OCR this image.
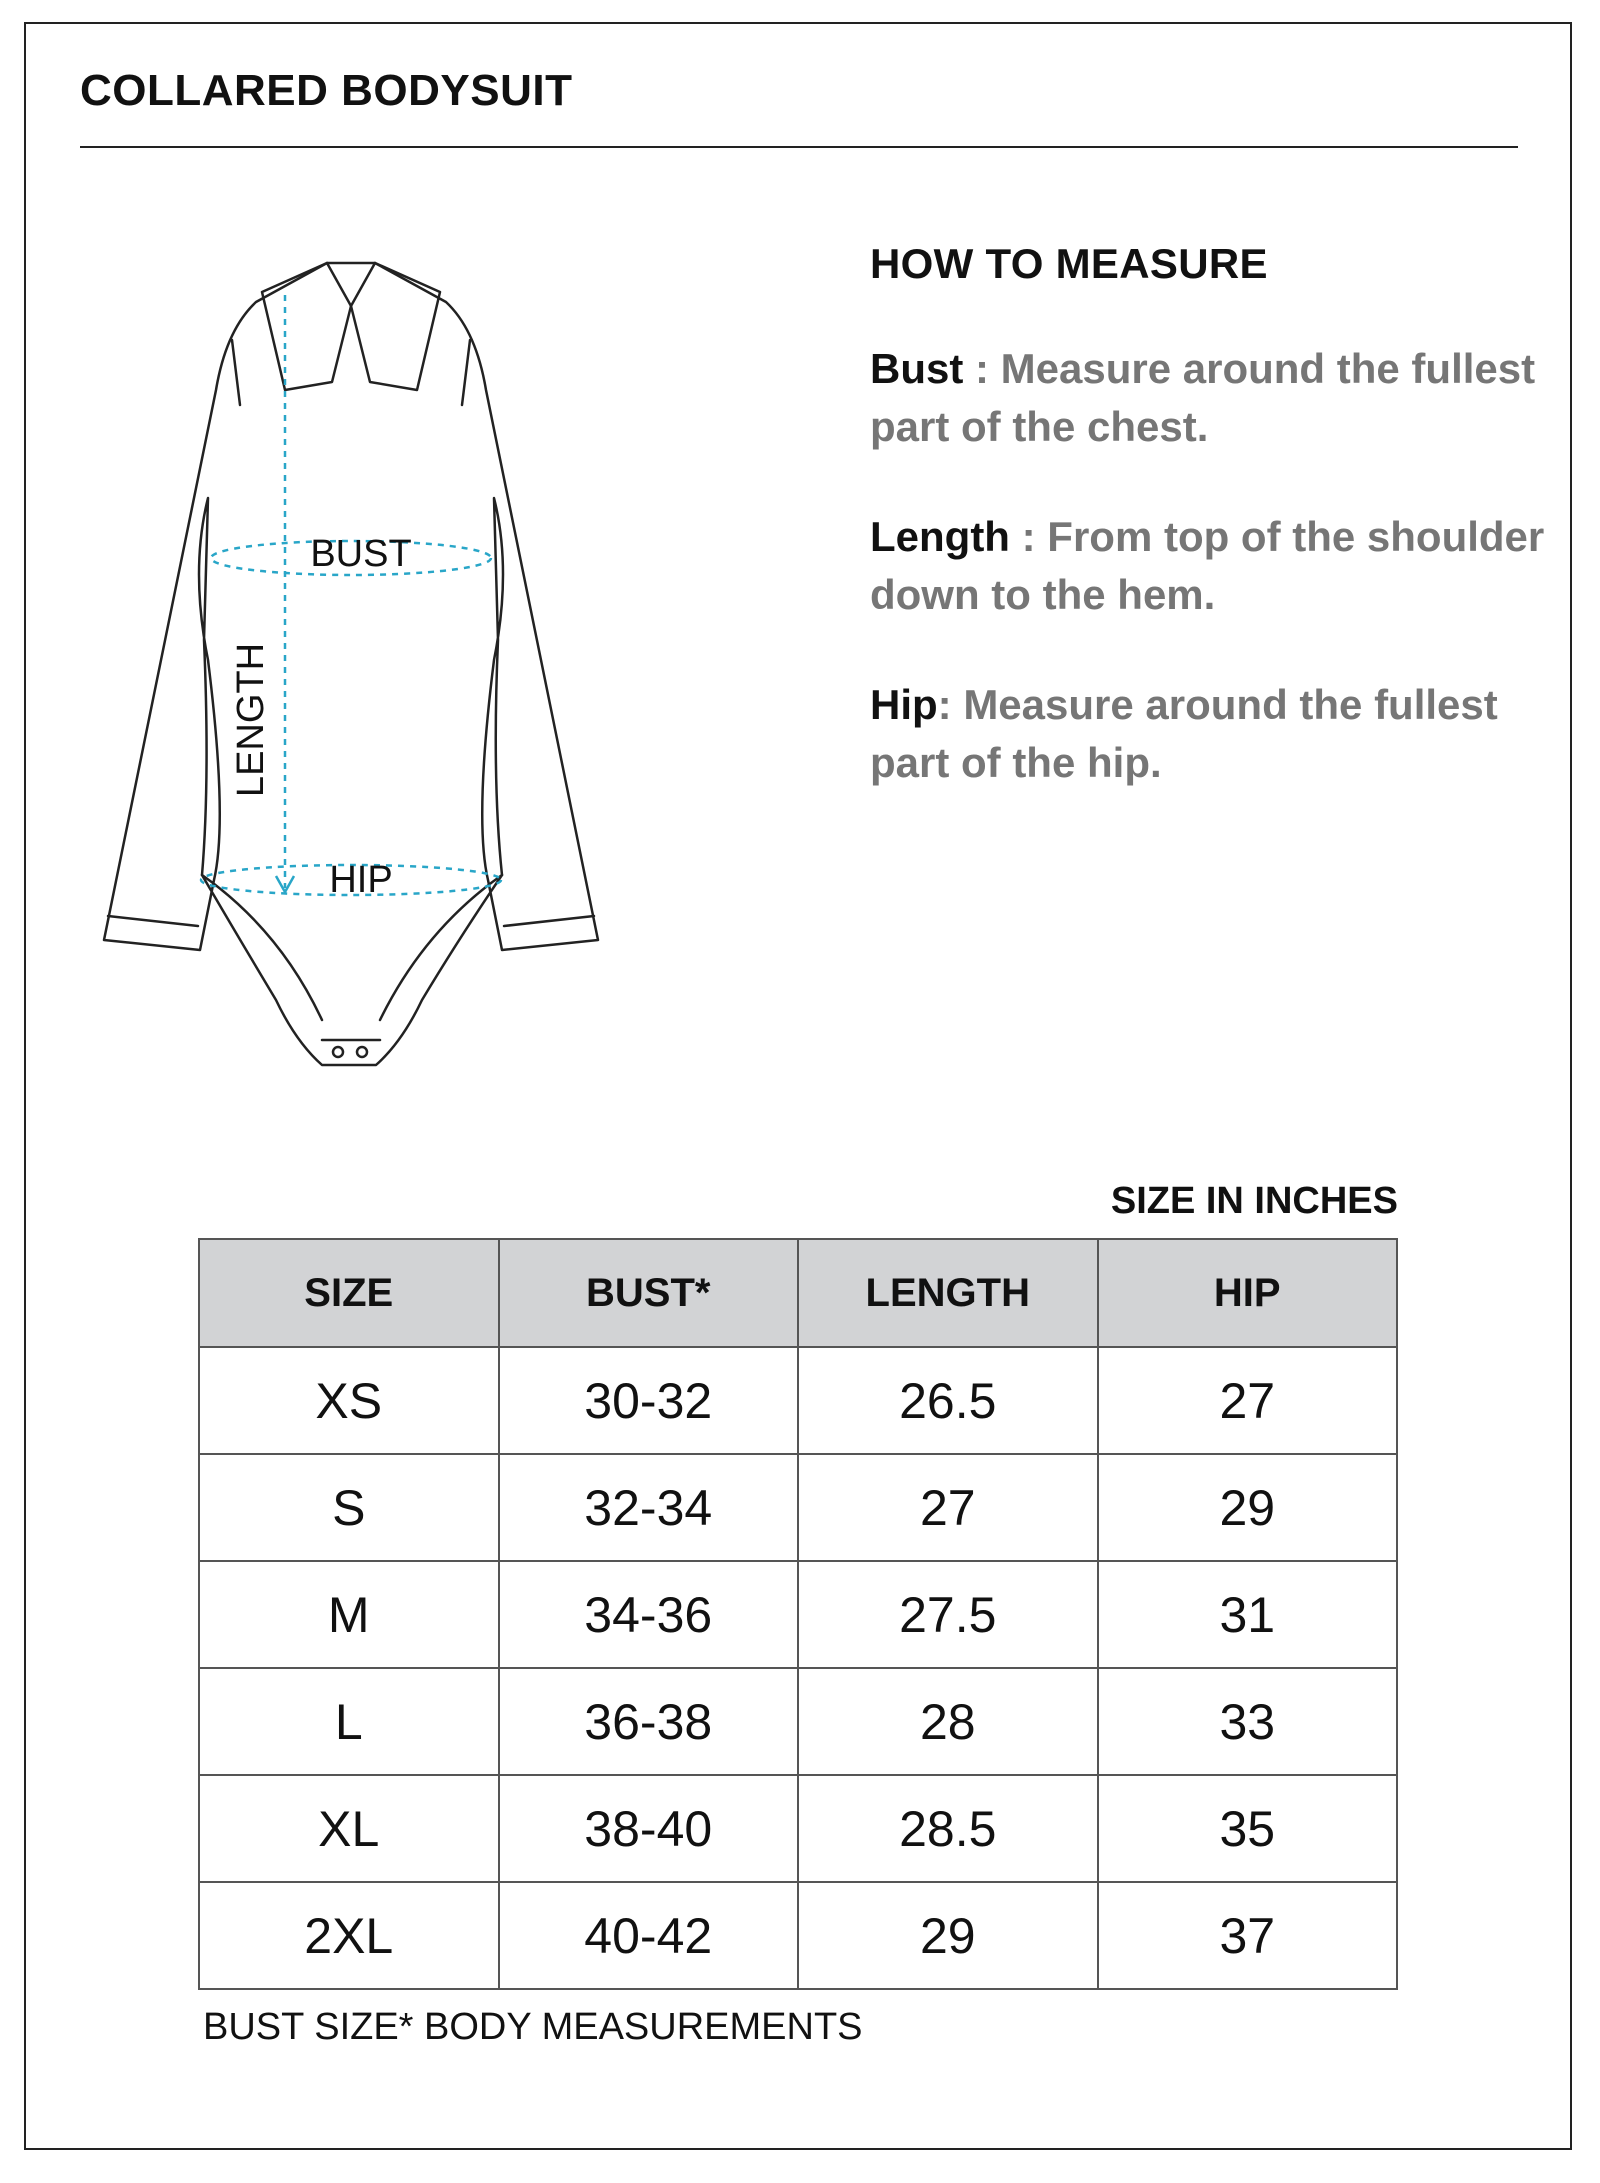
COLLARED BODYSUIT
BUST
HIP
LENGTH
HOW TO MEASURE

Bust : Measure around the fullest part of the chest.

Length : From top of the shoulder down to the hem.

Hip: Measure around the fullest part of the hip.

SIZE IN INCHES

SIZE	BUST*	LENGTH	HIP
XS	30-32	26.5	27
S	32-34	27	29
M	34-36	27.5	31
L	36-38	28	33
XL	38-40	28.5	35
2XL	40-42	29	37

BUST SIZE* BODY MEASUREMENTS
